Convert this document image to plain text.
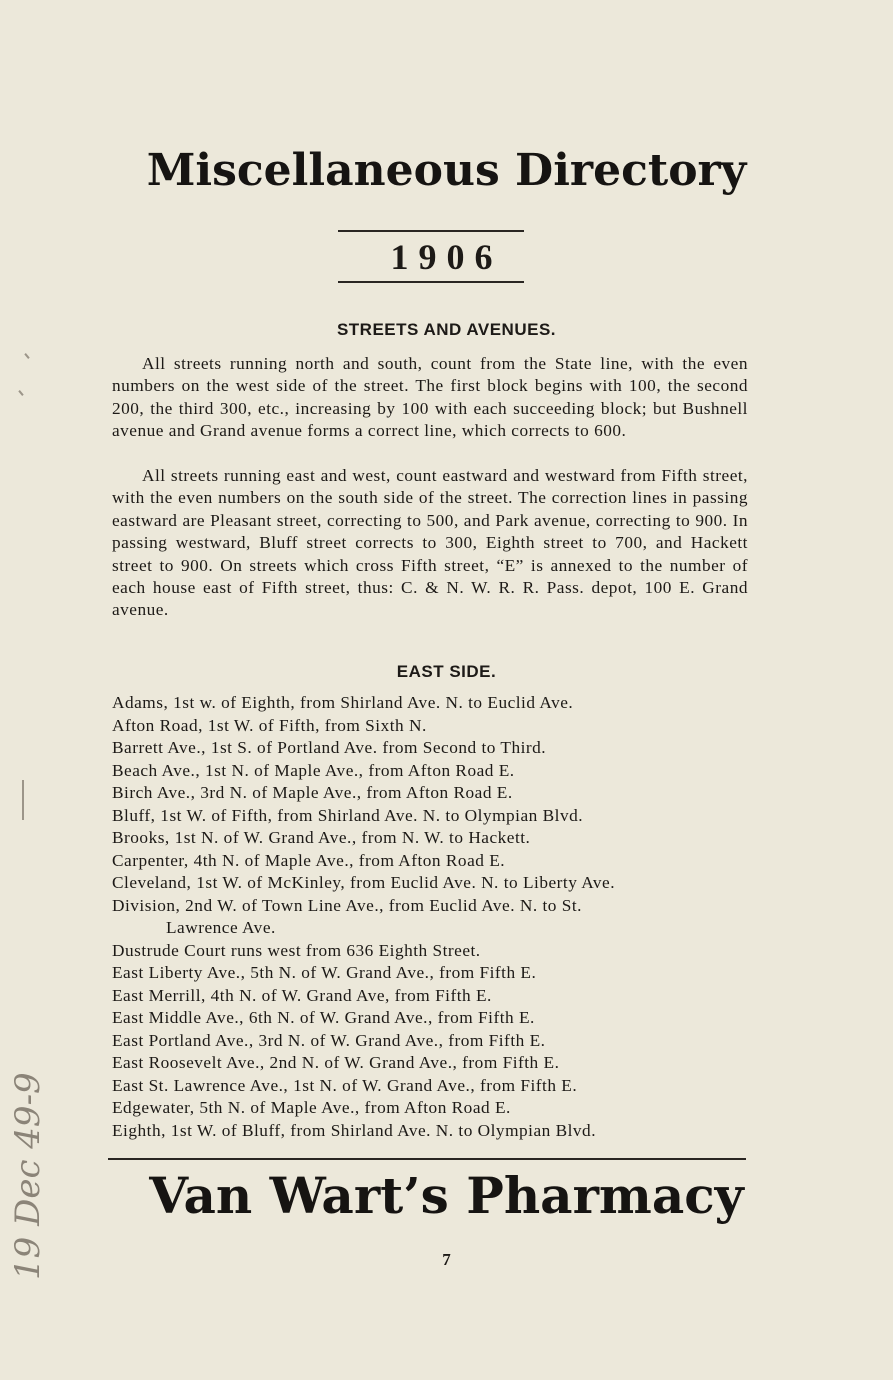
Miscellaneous Directory
1906
STREETS AND AVENUES.

All streets running north and south, count from the State line, with the even numbers on the west side of the street. The first block begins with 100, the second 200, the third 300, etc., increasing by 100 with each succeeding block; but Bushnell avenue and Grand avenue forms a correct line, which corrects to 600.

All streets running east and west, count eastward and westward from Fifth street, with the even numbers on the south side of the street. The correction lines in passing eastward are Pleasant street, correcting to 500, and Park avenue, correcting to 900. In passing westward, Bluff street corrects to 300, Eighth street to 700, and Hackett street to 900. On streets which cross Fifth street, “E” is annexed to the number of each house east of Fifth street, thus: C. & N. W. R. R. Pass. depot, 100 E. Grand avenue.

EAST SIDE.
Adams, 1st w. of Eighth, from Shirland Ave. N. to Euclid Ave.
Afton Road, 1st W. of Fifth, from Sixth N.
Barrett Ave., 1st S. of Portland Ave. from Second to Third.
Beach Ave., 1st N. of Maple Ave., from Afton Road E.
Birch Ave., 3rd N. of Maple Ave., from Afton Road E.
Bluff, 1st W. of Fifth, from Shirland Ave. N. to Olympian Blvd.
Brooks, 1st N. of W. Grand Ave., from N. W. to Hackett.
Carpenter, 4th N. of Maple Ave., from Afton Road E.
Cleveland, 1st W. of McKinley, from Euclid Ave. N. to Liberty Ave.
Division, 2nd W. of Town Line Ave., from Euclid Ave. N. to St.
Lawrence Ave.
Dustrude Court runs west from 636 Eighth Street.
East Liberty Ave., 5th N. of W. Grand Ave., from Fifth E.
East Merrill, 4th N. of W. Grand Ave, from Fifth E.
East Middle Ave., 6th N. of W. Grand Ave., from Fifth E.
East Portland Ave., 3rd N. of W. Grand Ave., from Fifth E.
East Roosevelt Ave., 2nd N. of W. Grand Ave., from Fifth E.
East St. Lawrence Ave., 1st N. of W. Grand Ave., from Fifth E.
Edgewater, 5th N. of Maple Ave., from Afton Road E.
Eighth, 1st W. of Bluff, from Shirland Ave. N. to Olympian Blvd.
Van Wart’s Pharmacy
7
19 Dec 49-9
